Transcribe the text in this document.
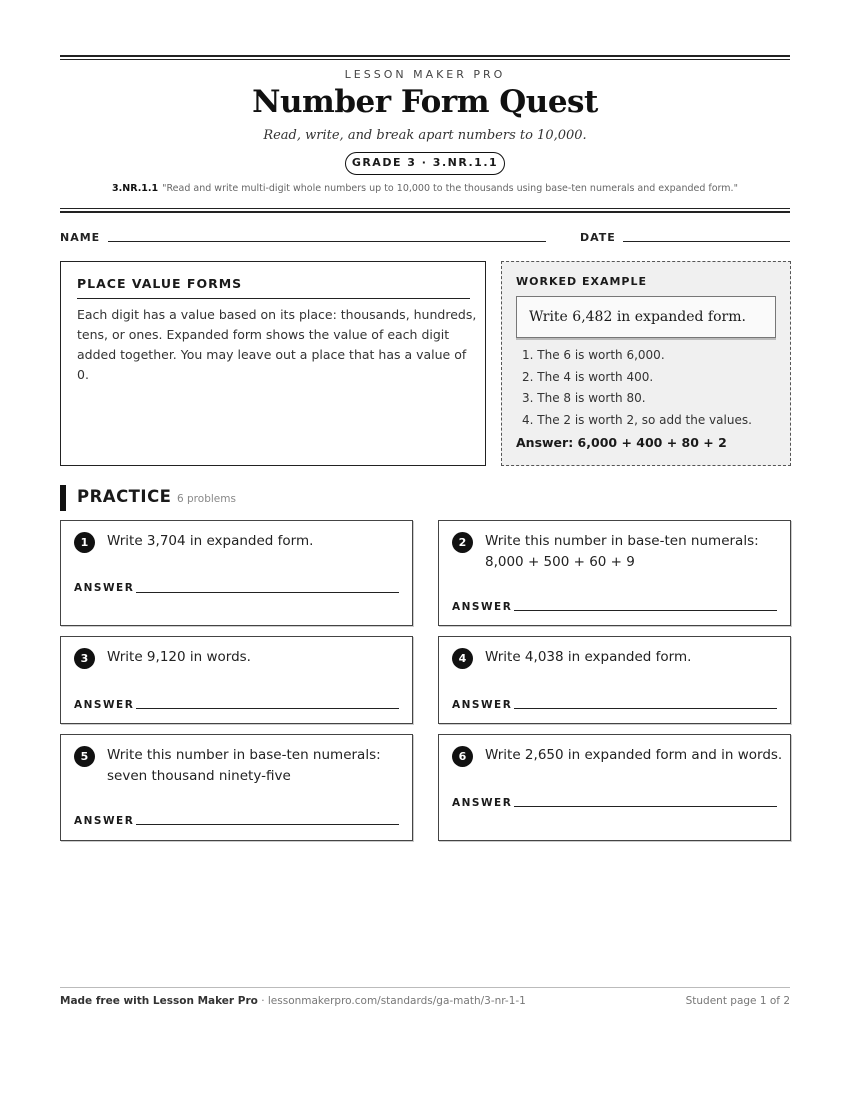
LESSON MAKER PRO
Number Form Quest
Read, write, and break apart numbers to 10,000.
GRADE 3 · 3.NR.1.1
3.NR.1.1 "Read and write multi-digit whole numbers up to 10,000 to the thousands using base-ten numerals and expanded form."
NAME	DATE
PLACE VALUE FORMS
Each digit has a value based on its place: thousands, hundreds, tens, or ones. Expanded form shows the value of each digit added together. You may leave out a place that has a value of 0.
WORKED EXAMPLE
Write 6,482 in expanded form.
1. The 6 is worth 6,000.
2. The 4 is worth 400.
3. The 8 is worth 80.
4. The 2 is worth 2, so add the values.
Answer: 6,000 + 400 + 80 + 2
PRACTICE 6 problems
1	Write 3,704 in expanded form.
ANSWER
2	Write this number in base-ten numerals: 8,000 + 500 + 60 + 9
ANSWER
3	Write 9,120 in words.
ANSWER
4	Write 4,038 in expanded form.
ANSWER
5	Write this number in base-ten numerals: seven thousand ninety-five
ANSWER
6	Write 2,650 in expanded form and in words.
ANSWER
Made free with Lesson Maker Pro · lessonmakerpro.com/standards/ga-math/3-nr-1-1	Student page 1 of 2
